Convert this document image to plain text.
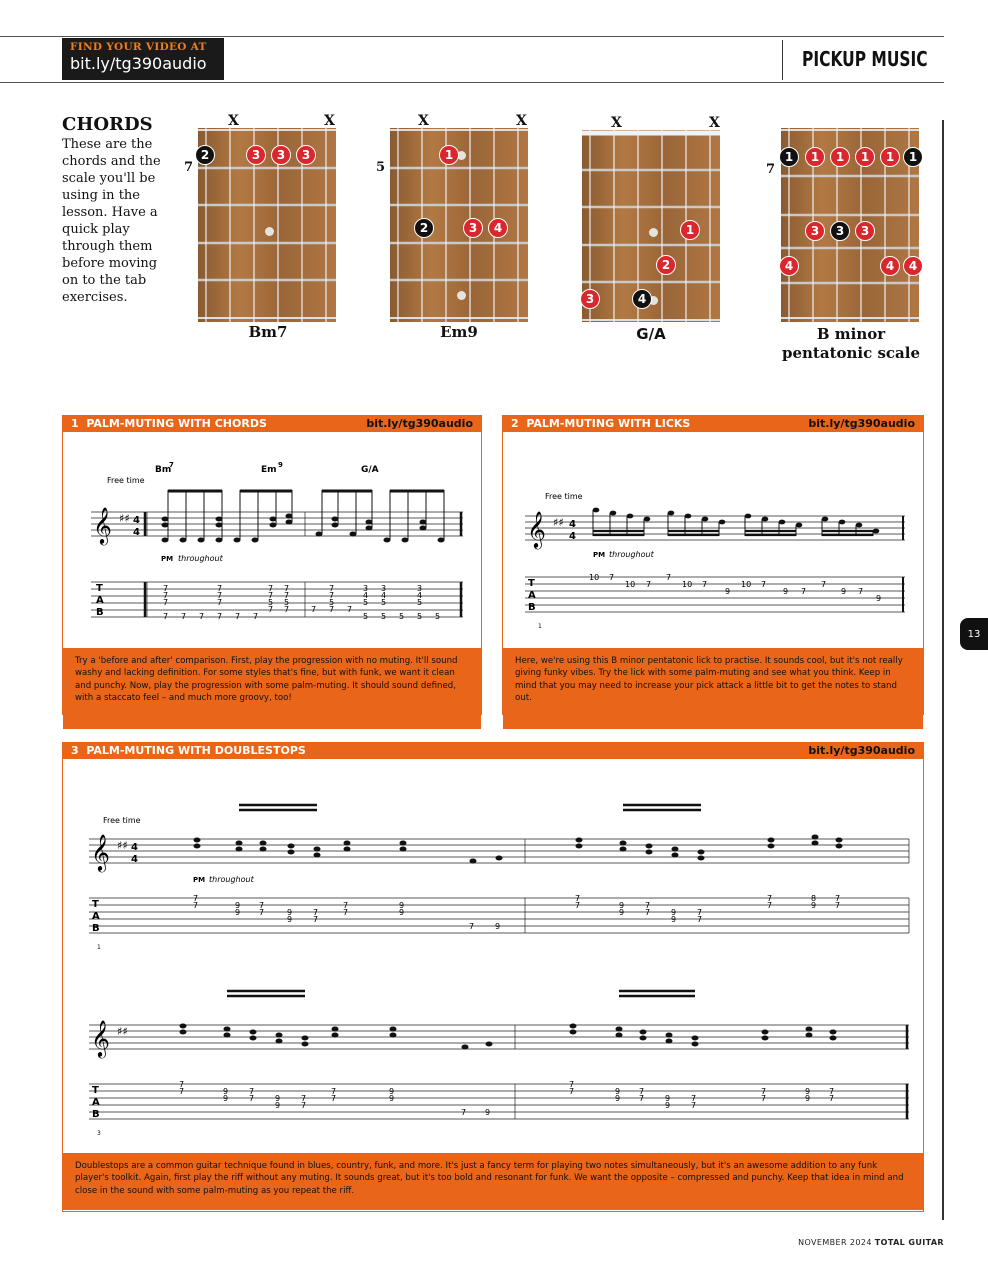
FIND YOUR VIDEO AT
bit.ly/tg390audio	PICKUP MUSIC
CHORDS
These are the chords and the scale you'll be using in the lesson. Have a quick play through them before moving on to the tab exercises.
X	X
7
2	3	3	3
Bm7
X	X
5
1
2	3	4
Em9
X	X
1
2
3	4
G/A
7
1	1	1	1	1	1
3	3	3
4	4	4
B minor pentatonic scale
1 PALM-MUTING WITH CHORDS	bit.ly/tg390audio
Free time
Bm
7	Em 9	G/A
𝄞 ♯♯ 4
4
PM throughout
T
A
B
7
7
7
7
7
7
7
7
5
7
7
7
5
7
7
7
5
7
3
4
5
5
3
4
5
5
3
4
5
5
7 7 7 7 7 7
7	7
5	5
Try a 'before and after' comparison. First, play the progression with no muting. It'll sound washy and lacking definition. For some styles that's fine, but with funk, we want it clean and punchy. Now, play the progression with some palm-muting. It should sound defined, with a staccato feel – and much more groovy, too!
2 PALM-MUTING WITH LICKS	bit.ly/tg390audio
Free time
𝄞 ♯♯ 4
4
PM throughout
T
A
B
1
10 7
10 7
7
10 7
9
10 7
9 7
7
9 7
9
Here, we're using this B minor pentatonic lick to practise. It sounds cool, but it's not really giving funky vibes. Try the lick with some palm-muting and see what you think. Keep in mind that you may need to increase your pick attack a little bit to get the notes to stand out.
3 PALM-MUTING WITH DOUBLESTOPS	bit.ly/tg390audio
Free time
𝄞 ♯♯ 4
4
𝄞 ♯♯
PM throughout
T
A
B
1
T
A
B
3
7
7	9
9
7
7	9
9
7
7
7
7
9
9
7	9
7
7	9
9
7
7	9
9
7
7
7
7
8
9
7
7
7
7	9
9
7
7	9
9
7
7
7
7
9
9
7 9
7
7	9
9
7
7	9
9
7
7
7
7
9
9
7
7
Doublestops are a common guitar technique found in blues, country, funk, and more. It's just a fancy term for playing two notes simultaneously, but it's an awesome addition to any funk player's toolkit. Again, first play the riff without any muting. It sounds great, but it's too bold and resonant for funk. We want the opposite – compressed and punchy. Keep that idea in mind and close in the sound with some palm-muting as you repeat the riff.
13
NOVEMBER 2024 TOTAL GUITAR
